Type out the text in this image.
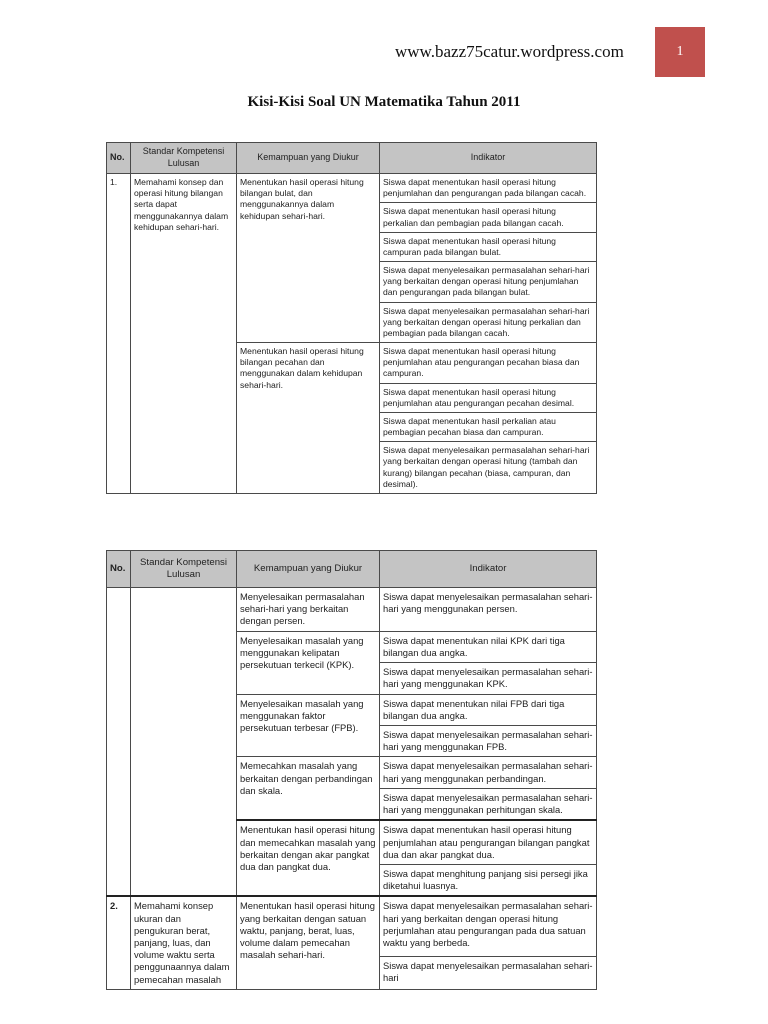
www.bazz75catur.wordpress.com	1
Kisi-Kisi Soal UN Matematika Tahun 2011
No.	Standar Kompetensi Lulusan	Kemampuan yang Diukur	Indikator
1.	Memahami konsep dan operasi hitung bilangan serta dapat menggunakannya dalam kehidupan sehari-hari.	Menentukan hasil operasi hitung bilangan bulat, dan menggunakannya dalam kehidupan sehari-hari.	Siswa dapat menentukan hasil operasi hitung penjumlahan dan pengurangan pada bilangan cacah.
			Siswa dapat menentukan hasil operasi hitung perkalian dan pembagian pada bilangan cacah.
			Siswa dapat menentukan hasil operasi hitung campuran pada bilangan bulat.
			Siswa dapat menyelesaikan permasalahan sehari-hari yang berkaitan dengan operasi hitung penjumlahan dan pengurangan pada bilangan bulat.
			Siswa dapat menyelesaikan permasalahan sehari-hari yang berkaitan dengan operasi hitung perkalian dan pembagian pada bilangan cacah.
		Menentukan hasil operasi hitung bilangan pecahan dan menggunakan dalam kehidupan sehari-hari.	Siswa dapat menentukan hasil operasi hitung penjumlahan atau pengurangan pecahan biasa dan campuran.
			Siswa dapat menentukan hasil operasi hitung penjumlahan atau pengurangan pecahan desimal.
			Siswa dapat menentukan hasil perkalian atau pembagian pecahan biasa dan campuran.
			Siswa dapat menyelesaikan permasalahan sehari-hari yang berkaitan dengan operasi hitung (tambah dan kurang) bilangan pecahan (biasa, campuran, dan desimal).
No.	Standar Kompetensi Lulusan	Kemampuan yang Diukur	Indikator
		Menyelesaikan permasalahan sehari-hari yang berkaitan dengan persen.	Siswa dapat menyelesaikan permasalahan sehari-hari yang menggunakan persen.
		Menyelesaikan masalah yang menggunakan kelipatan persekutuan terkecil (KPK).	Siswa dapat menentukan nilai KPK dari tiga bilangan dua angka.
			Siswa dapat menyelesaikan permasalahan sehari-hari yang menggunakan KPK.
		Menyelesaikan masalah yang menggunakan faktor persekutuan terbesar (FPB).	Siswa dapat menentukan nilai FPB dari tiga bilangan dua angka.
			Siswa dapat menyelesaikan permasalahan sehari-hari yang menggunakan FPB.
		Memecahkan masalah yang berkaitan dengan perbandingan dan skala.	Siswa dapat menyelesaikan permasalahan sehari-hari yang menggunakan perbandingan.
			Siswa dapat menyelesaikan permasalahan sehari-hari yang menggunakan perhitungan skala.
		Menentukan hasil operasi hitung dan memecahkan masalah yang berkaitan dengan akar pangkat dua dan pangkat dua.	Siswa dapat menentukan hasil operasi hitung penjumlahan atau pengurangan bilangan pangkat dua dan akar pangkat dua.
			Siswa dapat menghitung panjang sisi persegi jika diketahui luasnya.
2.	Memahami konsep ukuran dan pengukuran berat, panjang, luas, dan volume waktu serta penggunaannya dalam pemecahan masalah	Menentukan hasil operasi hitung yang berkaitan dengan satuan waktu, panjang, berat, luas, volume dalam pemecahan masalah sehari-hari.	Siswa dapat menyelesaikan permasalahan sehari-hari yang berkaitan dengan operasi hitung perjumlahan atau pengurangan pada dua satuan waktu yang berbeda.
			Siswa dapat menyelesaikan permasalahan sehari-hari
